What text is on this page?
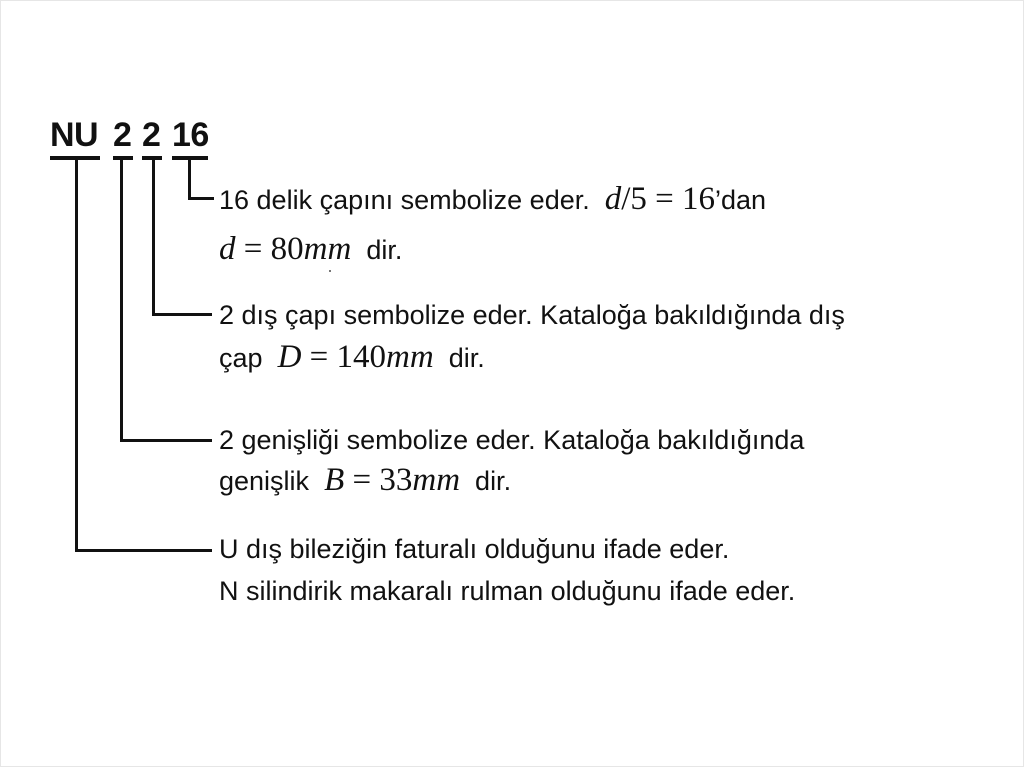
NU 2 2 16
16 delik çapını sembolize eder. d/5 = 16’dan
d = 80mm dir.
2 dış çapı sembolize eder. Kataloğa bakıldığında dış
çap D = 140mm dir.
2 genişliği sembolize eder. Kataloğa bakıldığında
genişlik B = 33mm dir.
U dış bileziğin faturalı olduğunu ifade eder.
N silindirik makaralı rulman olduğunu ifade eder.
